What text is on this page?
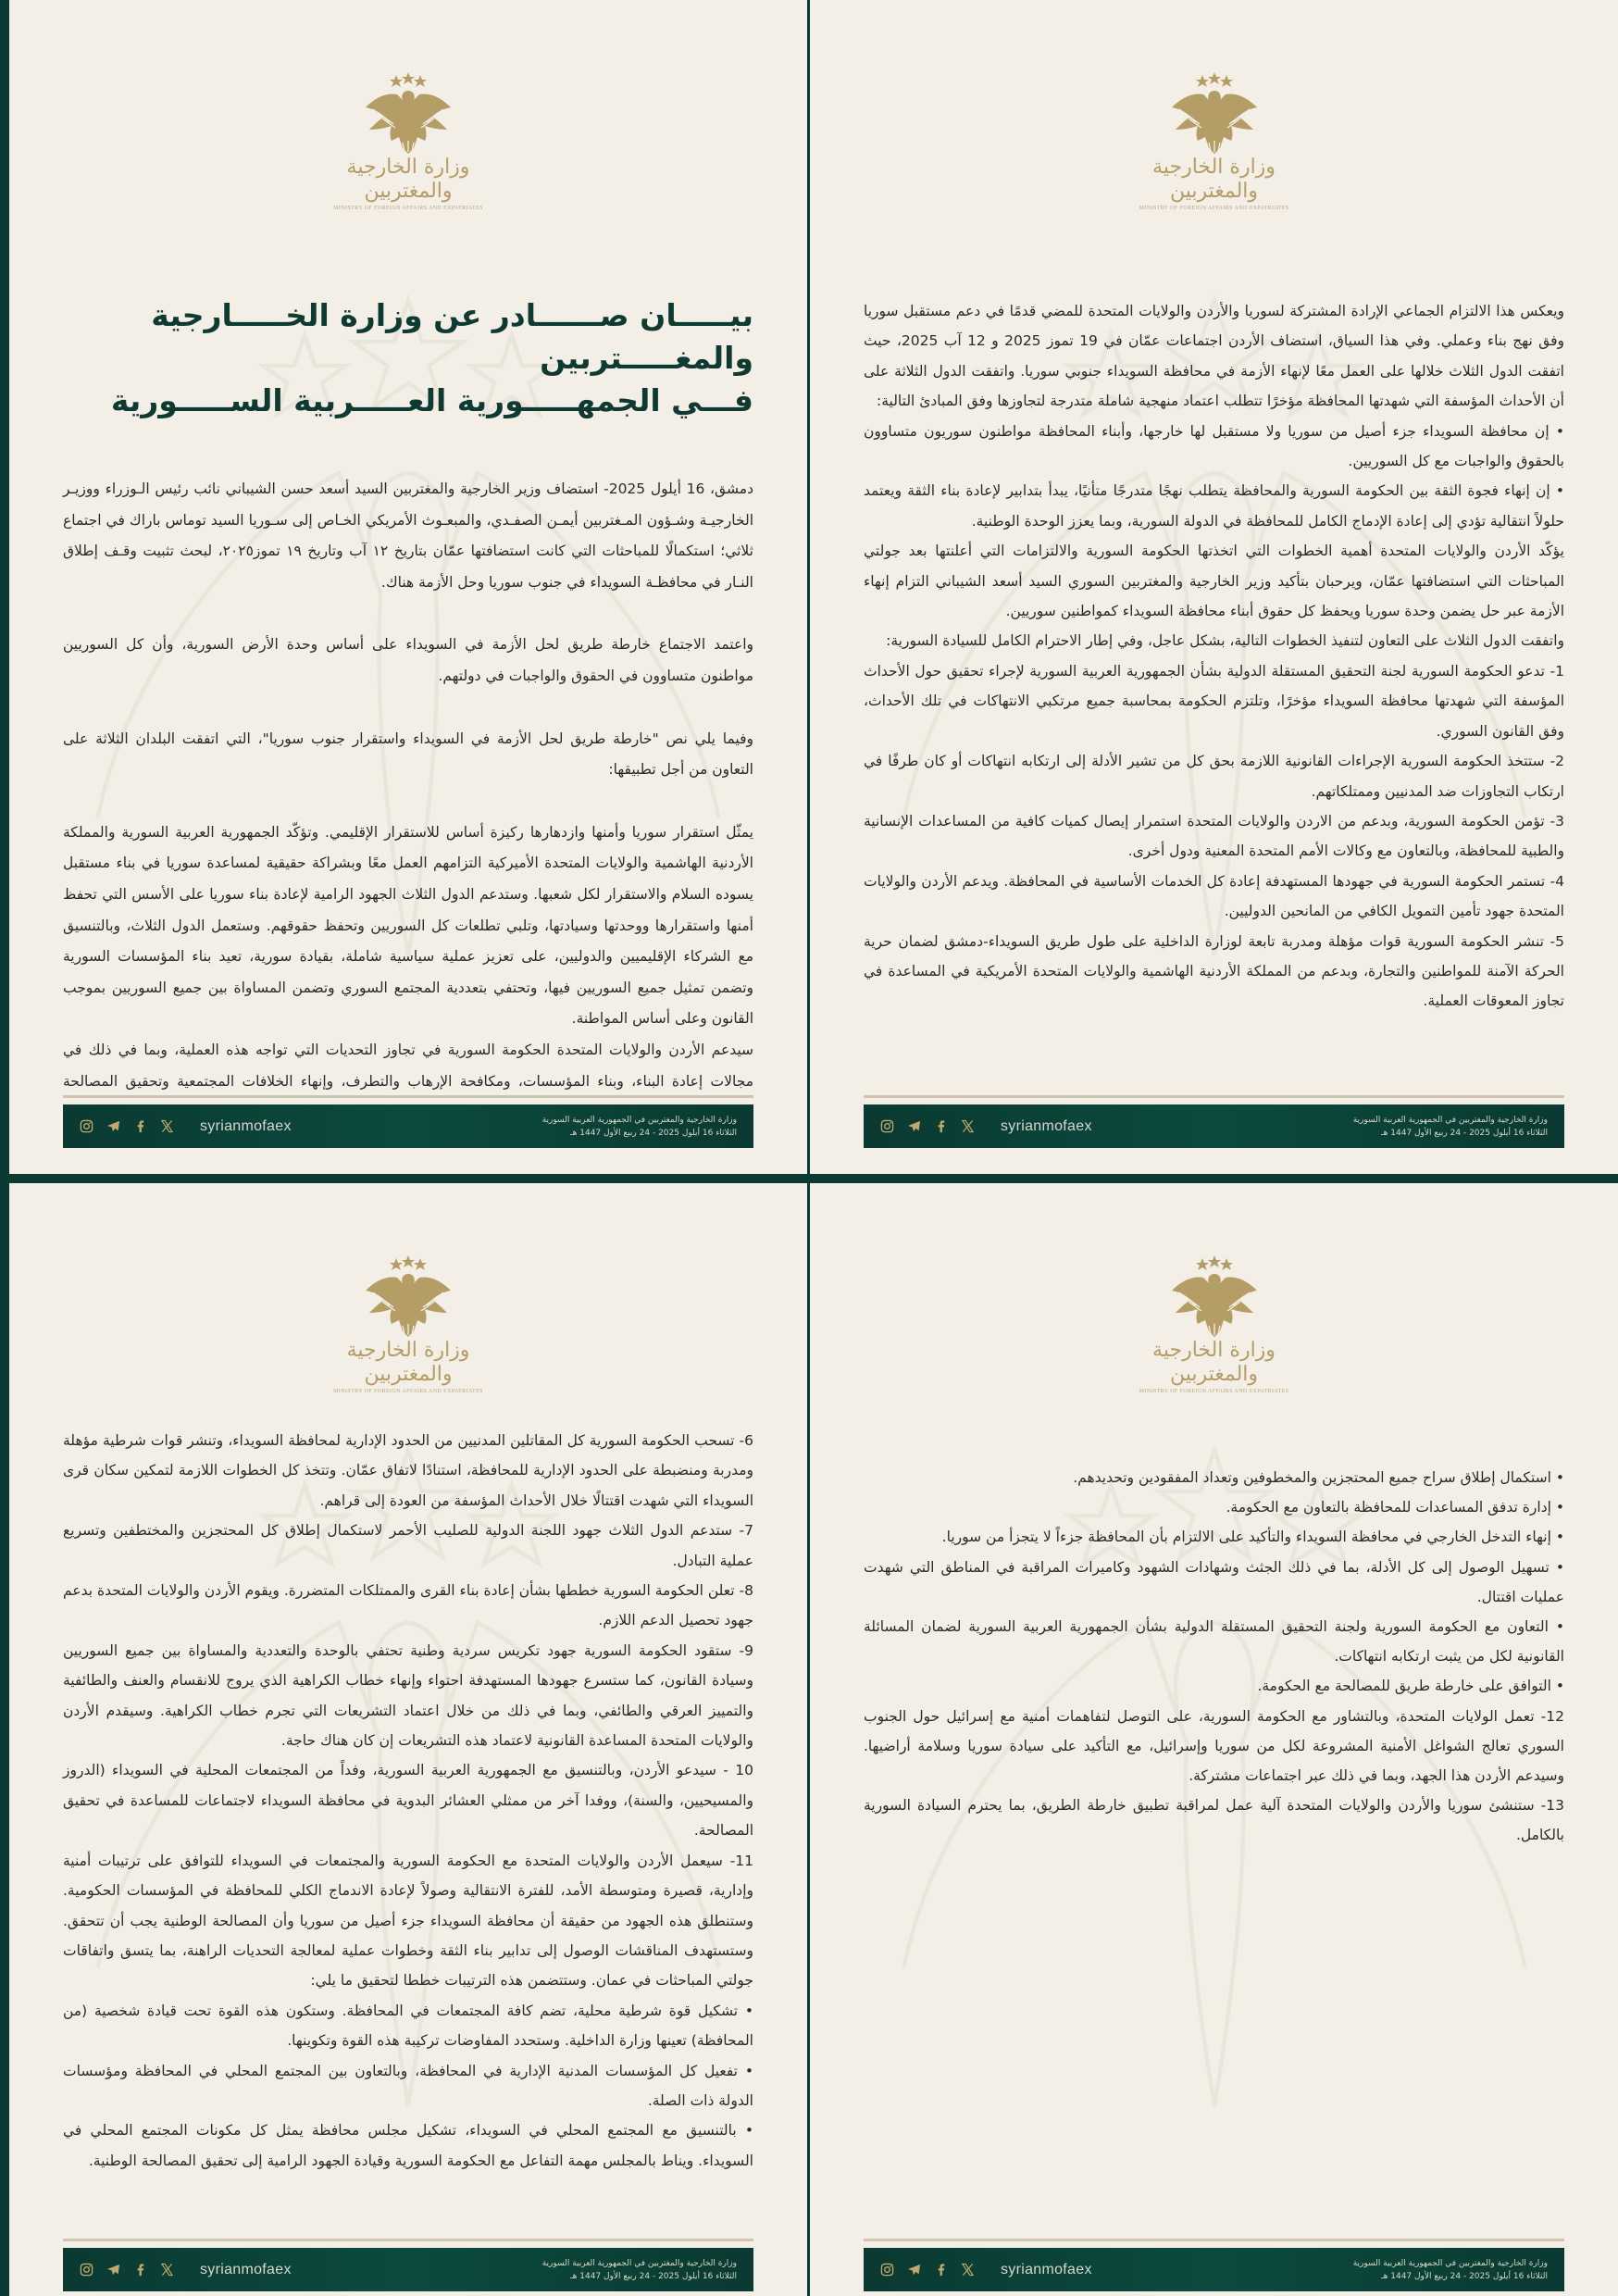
وزارة الخارجية والمغتربين
MINISTRY OF FOREIGN AFFAIRS AND EXPATRIATES
بيـــــان صــــــادر عن وزارة الخـــــارجية والمغـــــتربين
فـــي الجمهـــــورية العـــــربية الســـــورية

دمشق، 16 أيلول 2025- استضاف وزير الخارجية والمغتربين السيد أسعد حسن الشيباني نائب رئيس الـوزراء ووزيـر الخارجيـة وشـؤون المـغتربين أيمـن الصفـدي، والمبعـوث الأمريكي الخـاص إلى سـوريا السيد توماس باراك في اجتماع ثلاثي؛ استكمالًا للمباحثات التي كانت استضافتها عمّان بتاريخ ١٢ آب وتاريخ ١٩ تموز٢٠٢٥، لبحث تثبيت وقـف إطلاق النـار في محافظـة السويداء في جنوب سوريا وحل الأزمة هناك.

واعتمد الاجتماع خارطة طريق لحل الأزمة في السويداء على أساس وحدة الأرض السورية، وأن كل السوريين مواطنون متساوون في الحقوق والواجبات في دولتهم.

وفيما يلي نص "خارطة طريق لحل الأزمة في السويداء واستقرار جنوب سوريا"، التي اتفقت البلدان الثلاثة على التعاون من أجل تطبيقها:

يمثّل استقرار سوريا وأمنها وازدهارها ركيزة أساس للاستقرار الإقليمي. وتؤكّد الجمهورية العربية السورية والمملكة الأردنية الهاشمية والولايات المتحدة الأميركية التزامهم العمل معًا وبشراكة حقيقية لمساعدة سوريا في بناء مستقبل يسوده السلام والاستقرار لكل شعبها. وستدعم الدول الثلاث الجهود الرامية لإعادة بناء سوريا على الأسس التي تحفظ أمنها واستقرارها ووحدتها وسيادتها، وتلبي تطلعات كل السوريين وتحفظ حقوقهم. وستعمل الدول الثلاث، وبالتنسيق مع الشركاء الإقليميين والدوليين، على تعزيز عملية سياسية شاملة، بقيادة سورية، تعيد بناء المؤسسات السورية وتضمن تمثيل جميع السوريين فيها، وتحتفي بتعددية المجتمع السوري وتضمن المساواة بين جميع السوريين بموجب القانون وعلى أساس المواطنة.

سيدعم الأردن والولايات المتحدة الحكومة السورية في تجاوز التحديات التي تواجه هذه العملية، وبما في ذلك في مجالات إعادة البناء، وبناء المؤسسات، ومكافحة الإرهاب والتطرف، وإنهاء الخلافات المجتمعية وتحقيق المصالحة

syrianmofaex	وزارة الخارجية والمغتربين في الجمهورية العربية السورية
الثلاثاء 16 أيلول 2025 - 24 ربيع الأول 1447 هـ
وزارة الخارجية والمغتربين
MINISTRY OF FOREIGN AFFAIRS AND EXPATRIATES

ويعكس هذا الالتزام الجماعي الإرادة المشتركة لسوريا والأردن والولايات المتحدة للمضي قدمًا في دعم مستقبل سوريا وفق نهج بناء وعملي. وفي هذا السياق، استضاف الأردن اجتماعات عمّان في 19 تموز 2025 و 12 آب 2025، حيث اتفقت الدول الثلاث خلالها على العمل معًا لإنهاء الأزمة في محافظة السويداء جنوبي سوريا. واتفقت الدول الثلاثة على أن الأحداث المؤسفة التي شهدتها المحافظة مؤخرًا تتطلب اعتماد منهجية شاملة متدرجة لتجاوزها وفق المبادئ التالية:

• إن محافظة السويداء جزء أصيل من سوريا ولا مستقبل لها خارجها، وأبناء المحافظة مواطنون سوريون متساوون بالحقوق والواجبات مع كل السوريين.

• إن إنهاء فجوة الثقة بين الحكومة السورية والمحافظة يتطلب نهجًا متدرجًا متأنيًا، يبدأ بتدابير لإعادة بناء الثقة ويعتمد حلولاً انتقالية تؤدي إلى إعادة الإدماج الكامل للمحافظة في الدولة السورية، وبما يعزز الوحدة الوطنية.

يؤكّد الأردن والولايات المتحدة أهمية الخطوات التي اتخذتها الحكومة السورية والالتزامات التي أعلنتها بعد جولتي المباحثات التي استضافتها عمّان، ويرحبان بتأكيد وزير الخارجية والمغتربين السوري السيد أسعد الشيباني التزام إنهاء الأزمة عبر حل يضمن وحدة سوريا ويحفظ كل حقوق أبناء محافظة السويداء كمواطنين سوريين.

واتفقت الدول الثلاث على التعاون لتنفيذ الخطوات التالية، بشكل عاجل، وفي إطار الاحترام الكامل للسيادة السورية:

1- تدعو الحكومة السورية لجنة التحقيق المستقلة الدولية بشأن الجمهورية العربية السورية لإجراء تحقيق حول الأحداث المؤسفة التي شهدتها محافظة السويداء مؤخرًا، وتلتزم الحكومة بمحاسبة جميع مرتكبي الانتهاكات في تلك الأحداث، وفق القانون السوري.

2- ستتخذ الحكومة السورية الإجراءات القانونية اللازمة بحق كل من تشير الأدلة إلى ارتكابه انتهاكات أو كان طرفًا في ارتكاب التجاوزات ضد المدنيين وممتلكاتهم.

3- تؤمن الحكومة السورية، وبدعم من الاردن والولايات المتحدة استمرار إيصال كميات كافية من المساعدات الإنسانية والطبية للمحافظة، وبالتعاون مع وكالات الأمم المتحدة المعنية ودول أخرى.

4- تستمر الحكومة السورية في جهودها المستهدفة إعادة كل الخدمات الأساسية في المحافظة. ويدعم الأردن والولايات المتحدة جهود تأمين التمويل الكافي من المانحين الدوليين.

5- تنشر الحكومة السورية قوات مؤهلة ومدربة تابعة لوزارة الداخلية على طول طريق السويداء-دمشق لضمان حرية الحركة الآمنة للمواطنين والتجارة، وبدعم من المملكة الأردنية الهاشمية والولايات المتحدة الأمريكية في المساعدة في تجاوز المعوقات العملية.

syrianmofaex	وزارة الخارجية والمغتربين في الجمهورية العربية السورية
الثلاثاء 16 أيلول 2025 - 24 ربيع الأول 1447 هـ
وزارة الخارجية والمغتربين
MINISTRY OF FOREIGN AFFAIRS AND EXPATRIATES

6- تسحب الحكومة السورية كل المقاتلين المدنيين من الحدود الإدارية لمحافظة السويداء، وتنشر قوات شرطية مؤهلة ومدربة ومنضبطة على الحدود الإدارية للمحافظة، استنادًا لاتفاق عمّان. وتتخذ كل الخطوات اللازمة لتمكين سكان قرى السويداء التي شهدت اقتتالًا خلال الأحداث المؤسفة من العودة إلى قراهم.

7- ستدعم الدول الثلاث جهود اللجنة الدولية للصليب الأحمر لاستكمال إطلاق كل المحتجزين والمختطفين وتسريع عملية التبادل.

8- تعلن الحكومة السورية خططها بشأن إعادة بناء القرى والممتلكات المتضررة. ويقوم الأردن والولايات المتحدة بدعم جهود تحصيل الدعم اللازم.

9- ستقود الحكومة السورية جهود تكريس سردية وطنية تحتفي بالوحدة والتعددية والمساواة بين جميع السوريين وسيادة القانون، كما ستسرع جهودها المستهدفة احتواء وإنهاء خطاب الكراهية الذي يروج للانقسام والعنف والطائفية والتمييز العرقي والطائفي، وبما في ذلك من خلال اعتماد التشريعات التي تجرم خطاب الكراهية. وسيقدم الأردن والولايات المتحدة المساعدة القانونية لاعتماد هذه التشريعات إن كان هناك حاجة.

10 - سيدعو الأردن، وبالتنسيق مع الجمهورية العربية السورية، وفداً من المجتمعات المحلية في السويداء (الدروز والمسيحيين، والسنة)، ووفدا آخر من ممثلي العشائر البدوية في محافظة السويداء لاجتماعات للمساعدة في تحقيق المصالحة.

11- سيعمل الأردن والولايات المتحدة مع الحكومة السورية والمجتمعات في السويداء للتوافق على ترتيبات أمنية وإدارية، قصيرة ومتوسطة الأمد، للفترة الانتقالية وصولاً لإعادة الاندماج الكلي للمحافظة في المؤسسات الحكومية. وستنطلق هذه الجهود من حقيقة أن محافظة السويداء جزء أصيل من سوريا وأن المصالحة الوطنية يجب أن تتحقق. وستستهدف المناقشات الوصول إلى تدابير بناء الثقة وخطوات عملية لمعالجة التحديات الراهنة، بما يتسق واتفاقات جولتي المباحثات في عمان. وستتضمن هذه الترتيبات خططا لتحقيق ما يلي:

• تشكيل قوة شرطية محلية، تضم كافة المجتمعات في المحافظة. وستكون هذه القوة تحت قيادة شخصية (من المحافظة) تعينها وزارة الداخلية. وستحدد المفاوضات تركيبة هذه القوة وتكوينها.

• تفعيل كل المؤسسات المدنية الإدارية في المحافظة، وبالتعاون بين المجتمع المحلي في المحافظة ومؤسسات الدولة ذات الصلة.

• بالتنسيق مع المجتمع المحلي في السويداء، تشكيل مجلس محافظة يمثل كل مكونات المجتمع المحلي في السويداء. ويناط بالمجلس مهمة التفاعل مع الحكومة السورية وقيادة الجهود الرامية إلى تحقيق المصالحة الوطنية.

syrianmofaex	وزارة الخارجية والمغتربين في الجمهورية العربية السورية
الثلاثاء 16 أيلول 2025 - 24 ربيع الأول 1447 هـ
وزارة الخارجية والمغتربين
MINISTRY OF FOREIGN AFFAIRS AND EXPATRIATES

• استكمال إطلاق سراح جميع المحتجزين والمخطوفين وتعداد المفقودين وتحديدهم.

• إدارة تدفق المساعدات للمحافظة بالتعاون مع الحكومة.

• إنهاء التدخل الخارجي في محافظة السويداء والتأكيد على الالتزام بأن المحافظة جزءاً لا يتجزأ من سوريا.

• تسهيل الوصول إلى كل الأدلة، بما في ذلك الجثث وشهادات الشهود وكاميرات المراقبة في المناطق التي شهدت عمليات اقتتال.

• التعاون مع الحكومة السورية ولجنة التحقيق المستقلة الدولية بشأن الجمهورية العربية السورية لضمان المسائلة القانونية لكل من يثبت ارتكابه انتهاكات.

• التوافق على خارطة طريق للمصالحة مع الحكومة.

12- تعمل الولايات المتحدة، وبالتشاور مع الحكومة السورية، على التوصل لتفاهمات أمنية مع إسرائيل حول الجنوب السوري تعالج الشواغل الأمنية المشروعة لكل من سوريا وإسرائيل، مع التأكيد على سيادة سوريا وسلامة أراضيها. وسيدعم الأردن هذا الجهد، وبما في ذلك عبر اجتماعات مشتركة.

13- ستنشئ سوريا والأردن والولايات المتحدة آلية عمل لمراقبة تطبيق خارطة الطريق، بما يحترم السيادة السورية بالكامل.

syrianmofaex	وزارة الخارجية والمغتربين في الجمهورية العربية السورية
الثلاثاء 16 أيلول 2025 - 24 ربيع الأول 1447 هـ
